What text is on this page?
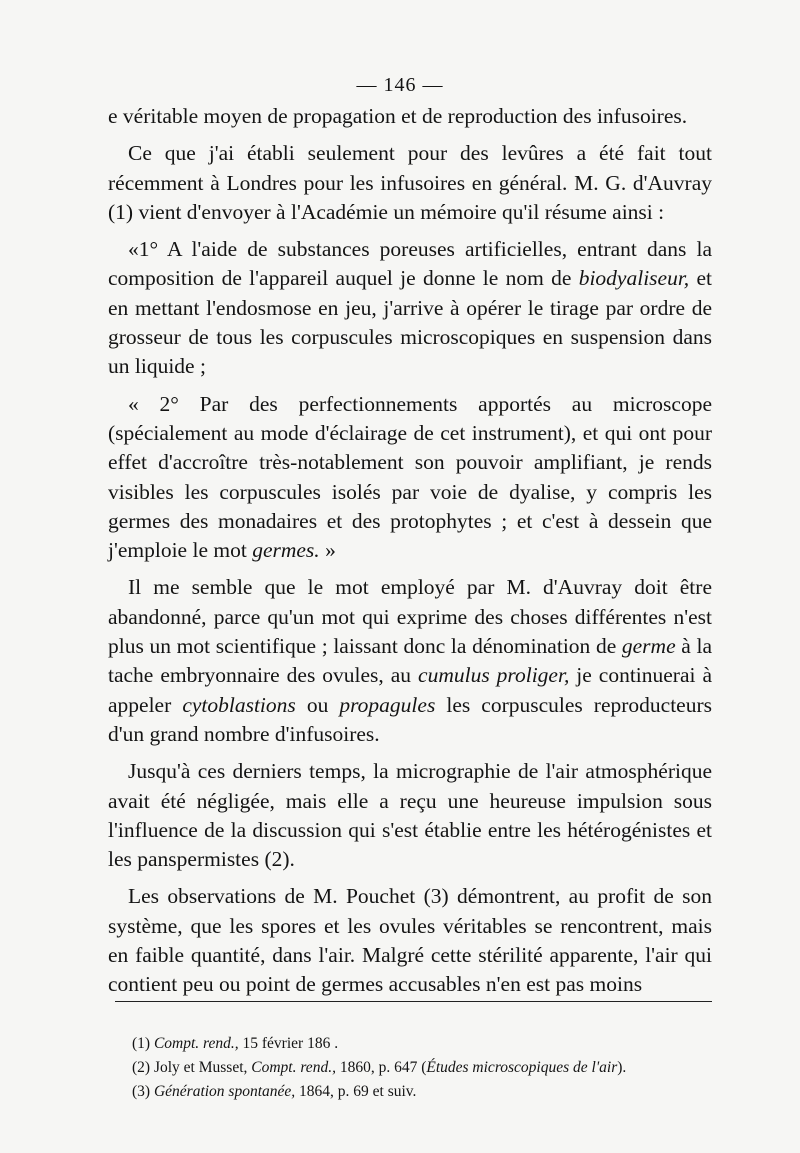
— 146 —

e véritable moyen de propagation et de reproduction des infusoires.

Ce que j'ai établi seulement pour des levûres a été fait tout récemment à Londres pour les infusoires en général. M. G. d'Auvray (1) vient d'envoyer à l'Académie un mémoire qu'il résume ainsi :

«1° A l'aide de substances poreuses artificielles, entrant dans la composition de l'appareil auquel je donne le nom de biodyaliseur, et en mettant l'endosmose en jeu, j'arrive à opérer le tirage par ordre de grosseur de tous les corpuscules microscopiques en suspension dans un liquide ;

« 2° Par des perfectionnements apportés au microscope (spécialement au mode d'éclairage de cet instrument), et qui ont pour effet d'accroître très-notablement son pouvoir amplifiant, je rends visibles les corpuscules isolés par voie de dyalise, y compris les germes des monadaires et des protophytes ; et c'est à dessein que j'emploie le mot germes. »

Il me semble que le mot employé par M. d'Auvray doit être abandonné, parce qu'un mot qui exprime des choses différentes n'est plus un mot scientifique ; laissant donc la dénomination de germe à la tache embryonnaire des ovules, au cumulus proliger, je continuerai à appeler cytoblastions ou propagules les corpuscules reproducteurs d'un grand nombre d'infusoires.

Jusqu'à ces derniers temps, la micrographie de l'air atmosphérique avait été négligée, mais elle a reçu une heureuse impulsion sous l'influence de la discussion qui s'est établie entre les hétérogénistes et les panspermistes (2).

Les observations de M. Pouchet (3) démontrent, au profit de son système, que les spores et les ovules véritables se rencontrent, mais en faible quantité, dans l'air. Malgré cette stérilité apparente, l'air qui contient peu ou point de germes accusables n'en est pas moins

(1) Compt. rend., 15 février 186 .
(2) Joly et Musset, Compt. rend., 1860, p. 647 (Études microscopiques de l'air).
(3) Génération spontanée, 1864, p. 69 et suiv.
